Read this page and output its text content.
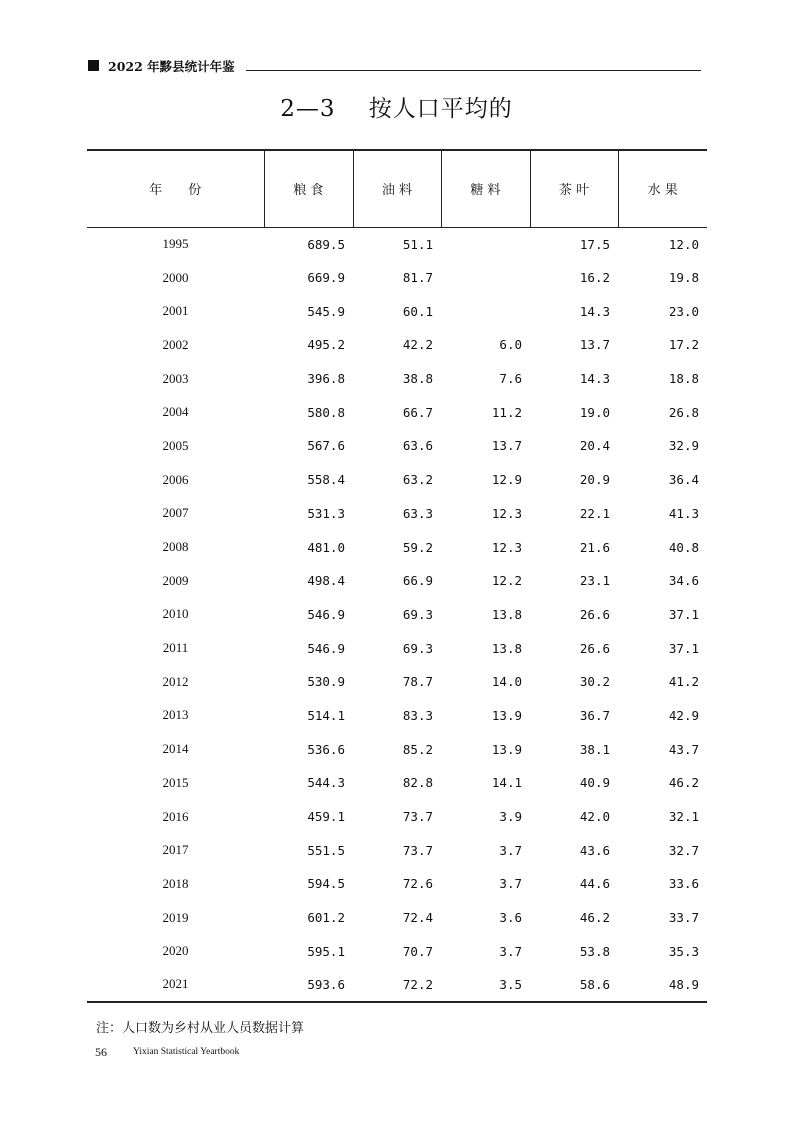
2022 年黟县统计年鉴
2—3    按人口平均的
年　　份	粮 食	油 料	糖 料	茶 叶	水 果
1995	689.5	51.1		17.5	12.0
2000	669.9	81.7		16.2	19.8
2001	545.9	60.1		14.3	23.0
2002	495.2	42.2	6.0	13.7	17.2
2003	396.8	38.8	7.6	14.3	18.8
2004	580.8	66.7	11.2	19.0	26.8
2005	567.6	63.6	13.7	20.4	32.9
2006	558.4	63.2	12.9	20.9	36.4
2007	531.3	63.3	12.3	22.1	41.3
2008	481.0	59.2	12.3	21.6	40.8
2009	498.4	66.9	12.2	23.1	34.6
2010	546.9	69.3	13.8	26.6	37.1
2011	546.9	69.3	13.8	26.6	37.1
2012	530.9	78.7	14.0	30.2	41.2
2013	514.1	83.3	13.9	36.7	42.9
2014	536.6	85.2	13.9	38.1	43.7
2015	544.3	82.8	14.1	40.9	46.2
2016	459.1	73.7	3.9	42.0	32.1
2017	551.5	73.7	3.7	43.6	32.7
2018	594.5	72.6	3.7	44.6	33.6
2019	601.2	72.4	3.6	46.2	33.7
2020	595.1	70.7	3.7	53.8	35.3
2021	593.6	72.2	3.5	58.6	48.9
注：人口数为乡村从业人员数据计算
56	Yixian Statistical Yeartbook
